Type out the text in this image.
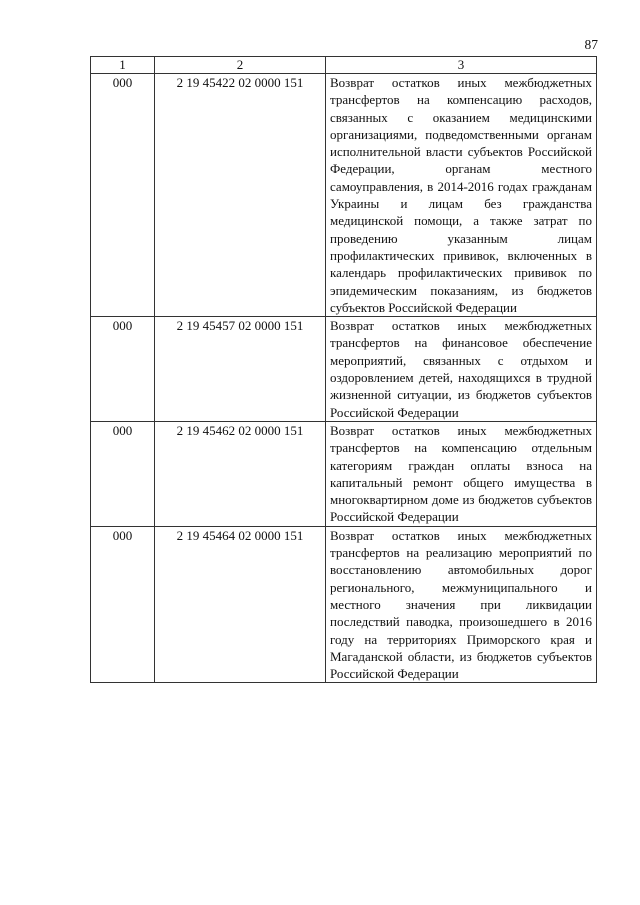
87
1	2	3
000	2 19 45422 02 0000 151	Возврат остатков иных межбюджетных трансфертов на компенсацию расходов, связанных с оказанием медицинскими организациями, подведомственными органам исполнительной власти субъектов Российской Федерации, органам местного самоуправления, в 2014-2016 годах гражданам Украины и лицам без гражданства медицинской помощи, а также затрат по проведению указанным лицам профилактических прививок, включенных в календарь профилактических прививок по эпидемическим показаниям, из бюджетов субъектов Российской Федерации
000	2 19 45457 02 0000 151	Возврат остатков иных межбюджетных трансфертов на финансовое обеспечение мероприятий, связанных с отдыхом и оздоровлением детей, находящихся в трудной жизненной ситуации, из бюджетов субъектов Российской Федерации
000	2 19 45462 02 0000 151	Возврат остатков иных межбюджетных трансфертов на компенсацию отдельным категориям граждан оплаты взноса на капитальный ремонт общего имущества в многоквартирном доме из бюджетов субъектов Российской Федерации
000	2 19 45464 02 0000 151	Возврат остатков иных межбюджетных трансфертов на реализацию мероприятий по восстановлению автомобильных дорог регионального, межмуниципального и местного значения при ликвидации последствий паводка, произошедшего в 2016 году на территориях Приморского края и Магаданской области, из бюджетов субъектов Российской Федерации
